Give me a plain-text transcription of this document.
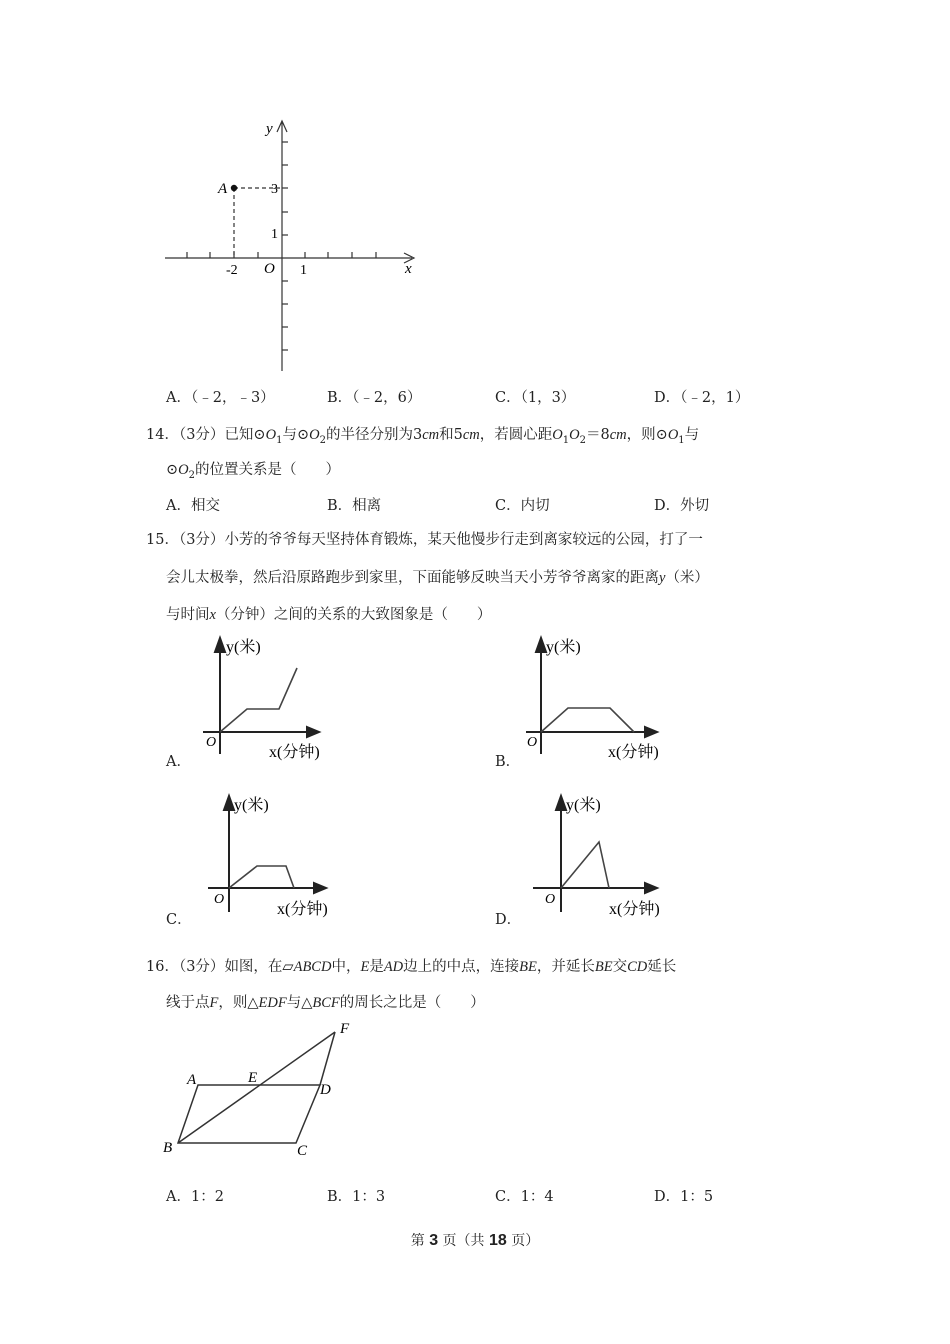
y
x
A
O
3
1
-2	1
A．（﹣2，﹣3）	B．（﹣2，6）	C．（1，3）	D．（﹣2，1）
14．（3分）已知$⊙O_1$与$⊙O_2$的半径分别为3cm和5cm，若圆心距$O_1O_2=8cm$，则$⊙O_1$与
$⊙O_2$的位置关系是（　　）
A．相交	B．相离	C．内切	D．外切
15．（3分）小芳的爷爷每天坚持体育锻炼，某天他慢步行走到离家较远的公园，打了一
会儿太极拳，然后沿原路跑步到家里，下面能够反映当天小芳爷爷离家的距离y（米）
与时间x（分钟）之间的关系的大致图象是（　　）
y(米)
x(分钟)
O
A．
y(米)
x(分钟)
O
B．
y(米)
x(分钟)
O
C．
y(米)
x(分钟)
O
D．
16．（3分）如图，在▱ABCD中，E是AD边上的中点，连接BE，并延长BE交CD延长
线于点F，则△EDF与△BCF的周长之比是（　　）
A	E
D
F
B	C
A．1：2	B．1：3	C．1：4	D．1：5
第 3 页（共 18 页）
